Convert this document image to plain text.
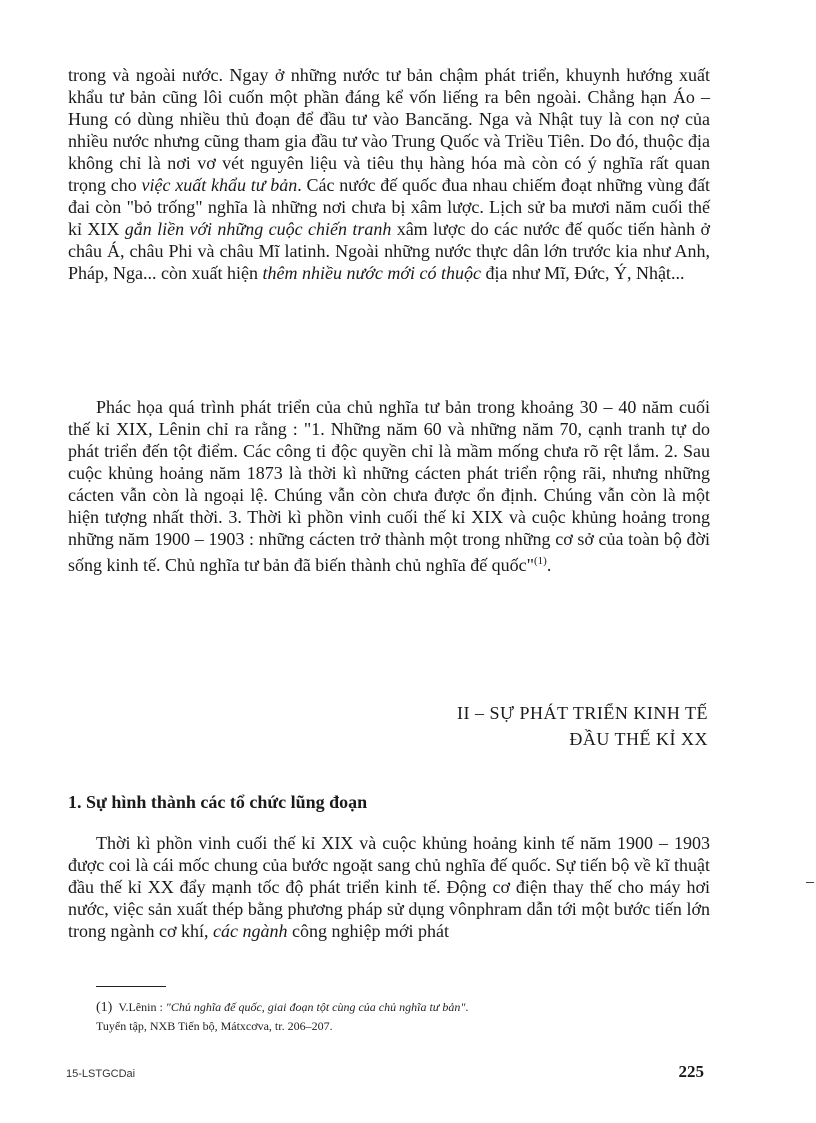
trong và ngoài nước. Ngay ở những nước tư bản chậm phát triển, khuynh hướng xuất khẩu tư bản cũng lôi cuốn một phần đáng kể vốn liếng ra bên ngoài. Chẳng hạn Áo – Hung có dùng nhiều thủ đoạn để đầu tư vào Bancăng. Nga và Nhật tuy là con nợ của nhiều nước nhưng cũng tham gia đầu tư vào Trung Quốc và Triều Tiên. Do đó, thuộc địa không chỉ là nơi vơ vét nguyên liệu và tiêu thụ hàng hóa mà còn có ý nghĩa rất quan trọng cho việc xuất khẩu tư bản. Các nước đế quốc đua nhau chiếm đoạt những vùng đất đai còn "bỏ trống" nghĩa là những nơi chưa bị xâm lược. Lịch sử ba mươi năm cuối thế kỉ XIX gắn liền với những cuộc chiến tranh xâm lược do các nước đế quốc tiến hành ở châu Á, châu Phi và châu Mĩ latinh. Ngoài những nước thực dân lớn trước kia như Anh, Pháp, Nga... còn xuất hiện thêm nhiều nước mới có thuộc địa như Mĩ, Đức, Ý, Nhật...

Phác họa quá trình phát triển của chủ nghĩa tư bản trong khoảng 30 – 40 năm cuối thế kỉ XIX, Lênin chỉ ra rằng : "1. Những năm 60 và những năm 70, cạnh tranh tự do phát triển đến tột điểm. Các công ti độc quyền chỉ là mầm mống chưa rõ rệt lắm. 2. Sau cuộc khủng hoảng năm 1873 là thời kì những cácten phát triển rộng rãi, nhưng những cácten vẫn còn là ngoại lệ. Chúng vẫn còn chưa được ổn định. Chúng vẫn còn là một hiện tượng nhất thời. 3. Thời kì phồn vinh cuối thế kỉ XIX và cuộc khủng hoảng trong những năm 1900 – 1903 : những cácten trở thành một trong những cơ sở của toàn bộ đời sống kinh tế. Chủ nghĩa tư bản đã biến thành chủ nghĩa đế quốc"$^{(1)}$.

II – SỰ PHÁT TRIỂN KINH TẾ
ĐẦU THẾ KỈ XX
1. Sự hình thành các tổ chức lũng đoạn

Thời kì phồn vinh cuối thế kỉ XIX và cuộc khủng hoảng kinh tế năm 1900 – 1903 được coi là cái mốc chung của bước ngoặt sang chủ nghĩa đế quốc. Sự tiến bộ về kĩ thuật đầu thế kỉ XX đẩy mạnh tốc độ phát triển kinh tế. Động cơ điện thay thế cho máy hơi nước, việc sản xuất thép bằng phương pháp sử dụng vônphram dẫn tới một bước tiến lớn trong ngành cơ khí, các ngành công nghiệp mới phát

(1) V.Lênin : "Chủ nghĩa đế quốc, giai đoạn tột cùng của chủ nghĩa tư bản".
Tuyển tập, NXB Tiến bộ, Mátxcơva, tr. 206–207.
15-LSTGCDai	225
